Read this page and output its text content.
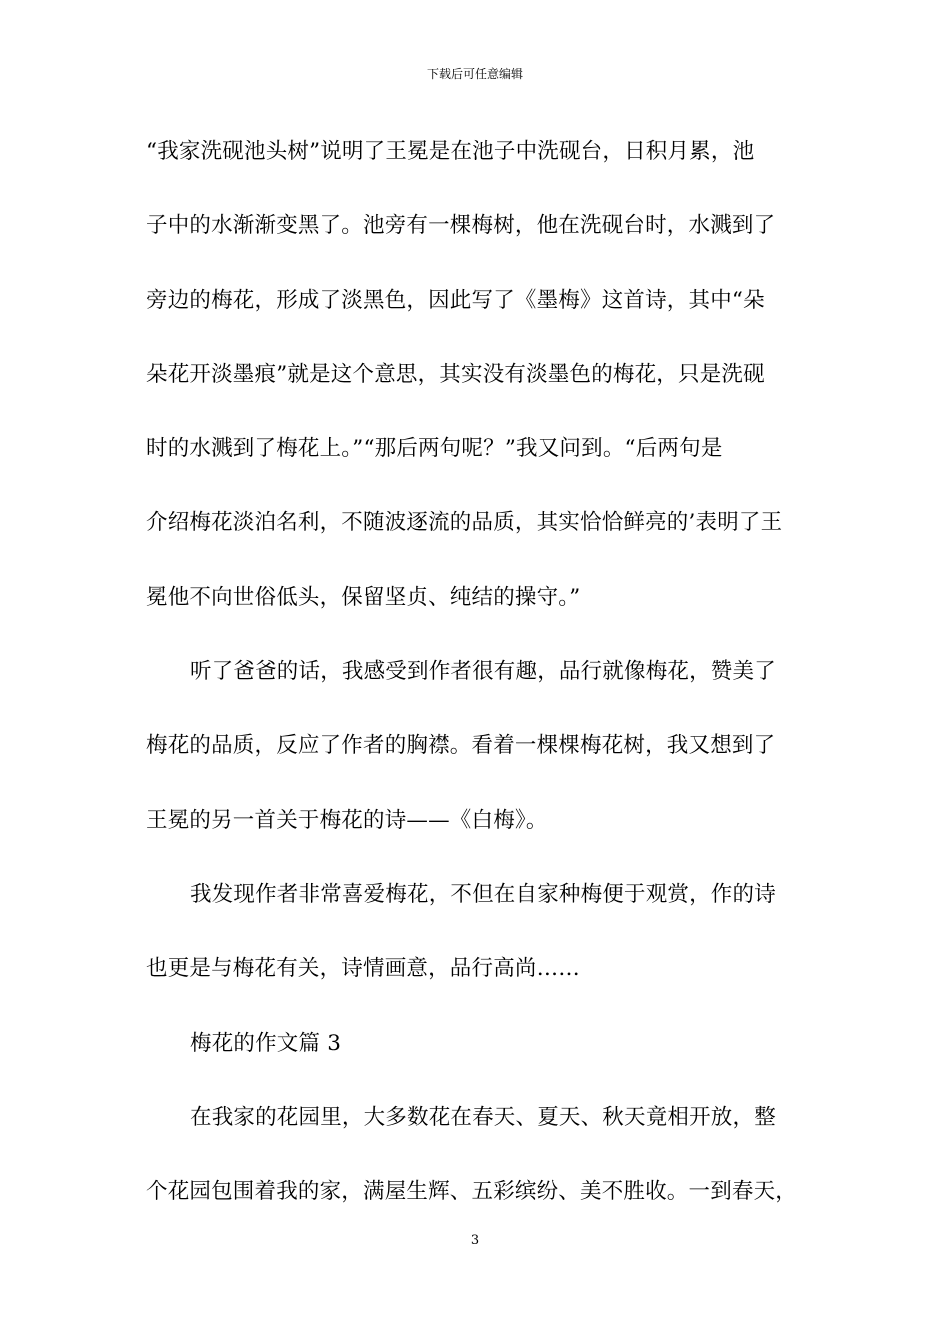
下载后可任意编辑
“我家洗砚池头树”说明了王冕是在池子中洗砚台，日积月累，池
子中的水渐渐变黑了。池旁有一棵梅树，他在洗砚台时，水溅到了
旁边的梅花，形成了淡黑色，因此写了《墨梅》这首诗，其中“朵
朵花开淡墨痕”就是这个意思，其实没有淡墨色的梅花，只是洗砚
时的水溅到了梅花上。”“那后两句呢？”我又问到。“后两句是
介绍梅花淡泊名利，不随波逐流的品质，其实恰恰鲜亮的’表明了王
冕他不向世俗低头，保留坚贞、纯结的操守。”
听了爸爸的话，我感受到作者很有趣，品行就像梅花，赞美了
梅花的品质，反应了作者的胸襟。看着一棵棵梅花树，我又想到了
王冕的另一首关于梅花的诗——《白梅》。
我发现作者非常喜爱梅花，不但在自家种梅便于观赏，作的诗
也更是与梅花有关，诗情画意，品行高尚……
梅花的作文篇 3
在我家的花园里，大多数花在春天、夏天、秋天竟相开放，整
个花园包围着我的家，满屋生辉、五彩缤纷、美不胜收。一到春天，
3
